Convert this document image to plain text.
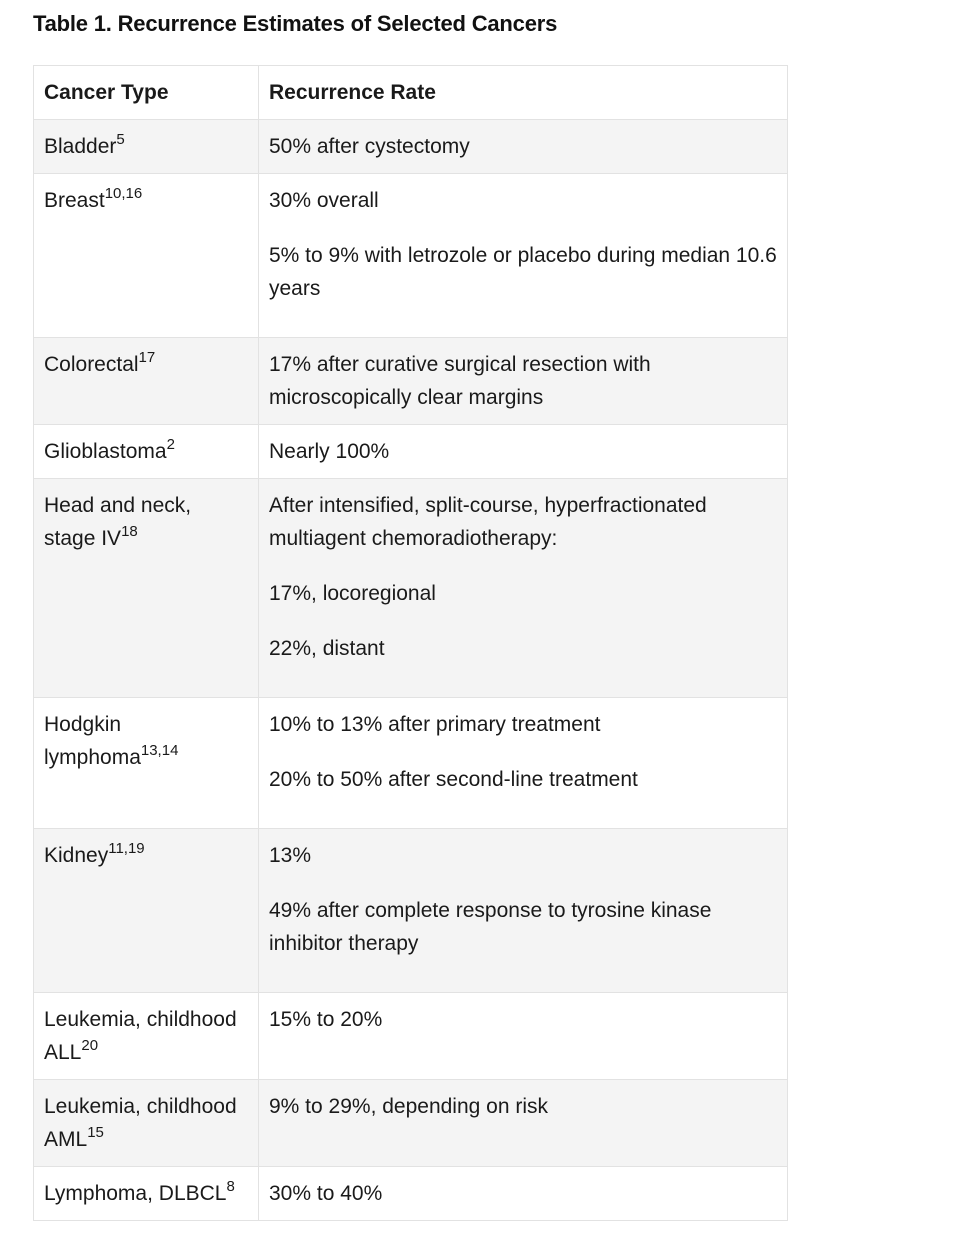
Table 1. Recurrence Estimates of Selected Cancers
Cancer Type	Recurrence Rate
Bladder$^5$	50% after cystectomy

Breast$^{10,16}$	30% overall

5% to 9% with letrozole or placebo during median 10.6 years

Colorectal$^{17}$	17% after curative surgical resection with microscopically clear margins

Glioblastoma$^2$	Nearly 100%

Head and neck, stage IV$^{18}$	After intensified, split-course, hyperfractionated multiagent chemoradiotherapy:

17%, locoregional

22%, distant

Hodgkin lymphoma$^{13,14}$	10% to 13% after primary treatment

20% to 50% after second-line treatment

Kidney$^{11,19}$	13%

49% after complete response to tyrosine kinase inhibitor therapy

Leukemia, childhood ALL$^{20}$	15% to 20%

Leukemia, childhood AML$^{15}$	9% to 29%, depending on risk

Lymphoma, DLBCL$^8$	30% to 40%
